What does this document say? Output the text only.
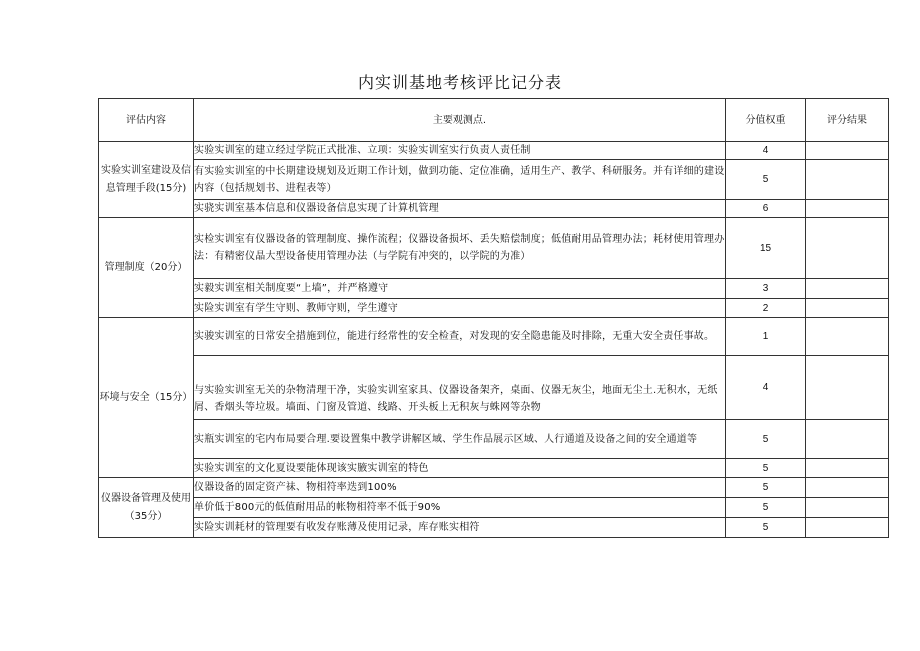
内实训基地考核评比记分表
评估内容	主要观测点.	分值权重	评分结果
实验实训室建设及信息管理手段(15分)	实验实训室的建立经过学院正式批准、立项：实验实训室实行负责人责任制	4	
	有实验实训室的中长期建设规划及近期工作计划，做到功能、定位准确，适用生产、教学、科研服务。并有详细的建设内容（包括规划书、进程表等）	5	
	实骁实训室基本信息和仪器设备信息实现了计算机管理	6	
管理制度（20分）	实检实训室有仪器设备的管理制度、操作流程；仪器设备损坏、丢失赔偿制度；低值耐用品管理办法；耗材使用管理办法：有精密仪晶大型设备使用管理办法（与学院有冲突的，以学院的为准）	15	
	实毅实训室相关制度要“上墙”，并严格遵守	3	
	实险实训室有学生守则、教师守则，学生遵守	2	
环境与安全（15分）	实骏实训室的日常安全措施到位，能进行经常性的安全检查，对发现的安全隐患能及时排除，无重大安全责任事故。	1	
	与实验实训室无关的杂物清理干净，实验实训室家具、仪器设备架齐，桌面、仪器无灰尘，地面无尘土.无积水，无纸屑、香烟头等垃圾。墙面、门窗及管道、线路、开头板上无积灰与蛛网等杂物	4	
	实瓶实训室的宅内布局要合理.要设置集中教学讲解区域、学生作品展示区域、人行通道及设备之间的安全通道等	5	
	实验实训室的文化夏设要能体现该实腋实训室的特色	5	
仪器设备管理及使用（35分）	仪器设备的固定资产祙、物相符率迭到100%	5	
	单价低于800元的低值耐用品的帐物相符率不低于90%	5	
	实险实训耗材的管理要有收发存账薄及使用记录，库存账实相符	5	
